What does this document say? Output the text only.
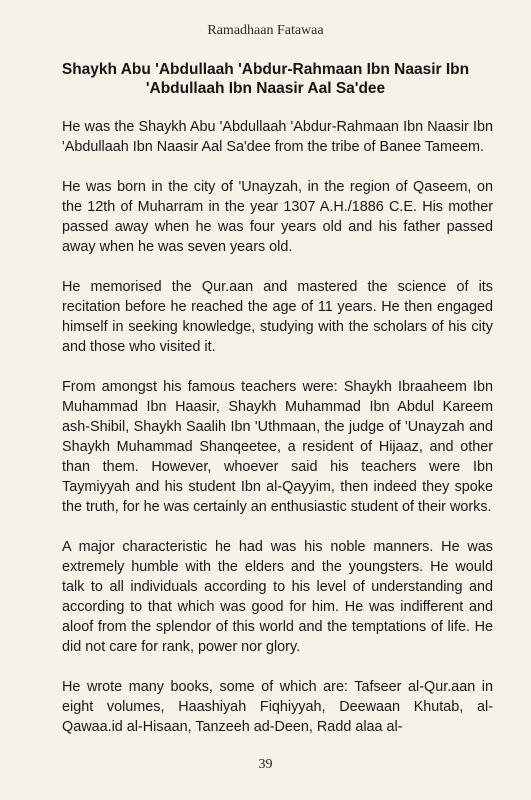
Ramadhaan Fatawaa
Shaykh Abu 'Abdullaah 'Abdur-Rahmaan Ibn Naasir Ibn 'Abdullaah Ibn Naasir Aal Sa'dee

He was the Shaykh Abu 'Abdullaah 'Abdur-Rahmaan Ibn Naasir Ibn 'Abdullaah Ibn Naasir Aal Sa'dee from the tribe of Banee Tameem.

He was born in the city of 'Unayzah, in the region of Qaseem, on the 12th of Muharram in the year 1307 A.H./1886 C.E. His mother passed away when he was four years old and his father passed away when he was seven years old.

He memorised the Qur.aan and mastered the science of its recitation before he reached the age of 11 years. He then engaged himself in seeking knowledge, studying with the scholars of his city and those who visited it.

From amongst his famous teachers were: Shaykh Ibraaheem Ibn Muhammad Ibn Haasir, Shaykh Muhammad Ibn Abdul Kareem ash-Shibil, Shaykh Saalih Ibn 'Uthmaan, the judge of 'Unayzah and Shaykh Muhammad Shanqeetee, a resident of Hijaaz, and other than them. However, whoever said his teachers were Ibn Taymiyyah and his student Ibn al-Qayyim, then indeed they spoke the truth, for he was certainly an enthusiastic student of their works.

A major characteristic he had was his noble manners. He was extremely humble with the elders and the youngsters. He would talk to all individuals according to his level of understanding and according to that which was good for him. He was indifferent and aloof from the splendor of this world and the temptations of life. He did not care for rank, power nor glory.

He wrote many books, some of which are: Tafseer al-Qur.aan in eight volumes, Haashiyah Fiqhiyyah, Deewaan Khutab, al-Qawaa.id al-Hisaan, Tanzeeh ad-Deen, Radd alaa al-

39
